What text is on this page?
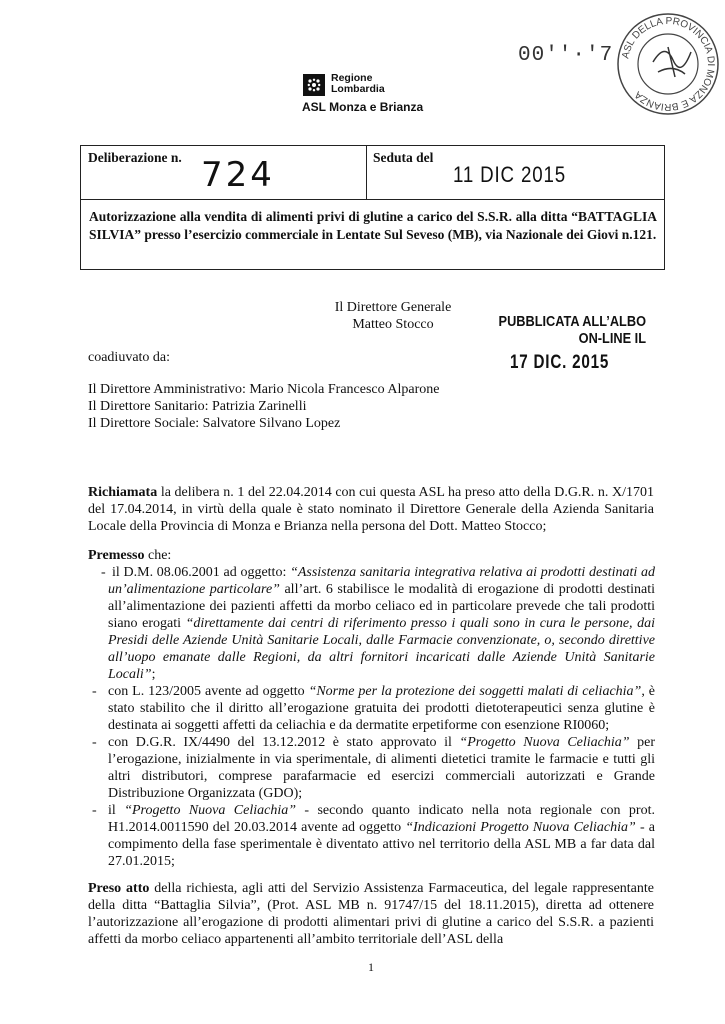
Regione
Lombardia
ASL Monza e Brianza
00′′·′7 ASL DELLA PROVINCIA DI MONZA E BRIANZA
Deliberazione n. 724	Seduta del
11 DIC 2015
Autorizzazione alla vendita di alimenti privi di glutine a carico del S.S.R. alla ditta “BATTAGLIA SILVIA” presso l’esercizio commerciale in Lentate Sul Seveso (MB), via Nazionale dei Giovi n.121.
Il Direttore Generale
Matteo Stocco	PUBBLICATA ALL’ALBO
ON-LINE IL
17 DIC. 2015
coadiuvato da:
Il Direttore Amministrativo: Mario Nicola Francesco Alparone
Il Direttore Sanitario: Patrizia Zarinelli
Il Direttore Sociale: Salvatore Silvano Lopez
Richiamata la delibera n. 1 del 22.04.2014 con cui questa ASL ha preso atto della D.G.R. n. X/1701 del 17.04.2014, in virtù della quale è stato nominato il Direttore Generale della Azienda Sanitaria Locale della Provincia di Monza e Brianza nella persona del Dott. Matteo Stocco;
Premesso che:
- il D.M. 08.06.2001 ad oggetto: “Assistenza sanitaria integrativa relativa ai prodotti destinati ad un’alimentazione particolare” all’art. 6 stabilisce le modalità di erogazione di prodotti destinati all’alimentazione dei pazienti affetti da morbo celiaco ed in particolare prevede che tali prodotti siano erogati “direttamente dai centri di riferimento presso i quali sono in cura le persone, dai Presidi delle Aziende Unità Sanitarie Locali, dalle Farmacie convenzionate, o, secondo direttive all’uopo emanate dalle Regioni, da altri fornitori incaricati dalle Aziende Unità Sanitarie Locali”;
- con L. 123/2005 avente ad oggetto “Norme per la protezione dei soggetti malati di celiachia”, è stato stabilito che il diritto all’erogazione gratuita dei prodotti dietoterapeutici senza glutine è destinata ai soggetti affetti da celiachia e da dermatite erpetiforme con esenzione RI0060;
- con D.G.R. IX/4490 del 13.12.2012 è stato approvato il “Progetto Nuova Celiachia” per l’erogazione, inizialmente in via sperimentale, di alimenti dietetici tramite le farmacie e tutti gli altri distributori, comprese parafarmacie ed esercizi commerciali autorizzati e Grande Distribuzione Organizzata (GDO);
- il “Progetto Nuova Celiachia” - secondo quanto indicato nella nota regionale con prot. H1.2014.0011590 del 20.03.2014 avente ad oggetto “Indicazioni Progetto Nuova Celiachia” - a compimento della fase sperimentale è diventato attivo nel territorio della ASL MB a far data dal 27.01.2015;
Preso atto della richiesta, agli atti del Servizio Assistenza Farmaceutica, del legale rappresentante della ditta “Battaglia Silvia”, (Prot. ASL MB n. 91747/15 del 18.11.2015), diretta ad ottenere l’autorizzazione all’erogazione di prodotti alimentari privi di glutine a carico del S.S.R. a pazienti affetti da morbo celiaco appartenenti all’ambito territoriale dell’ASL della
1
